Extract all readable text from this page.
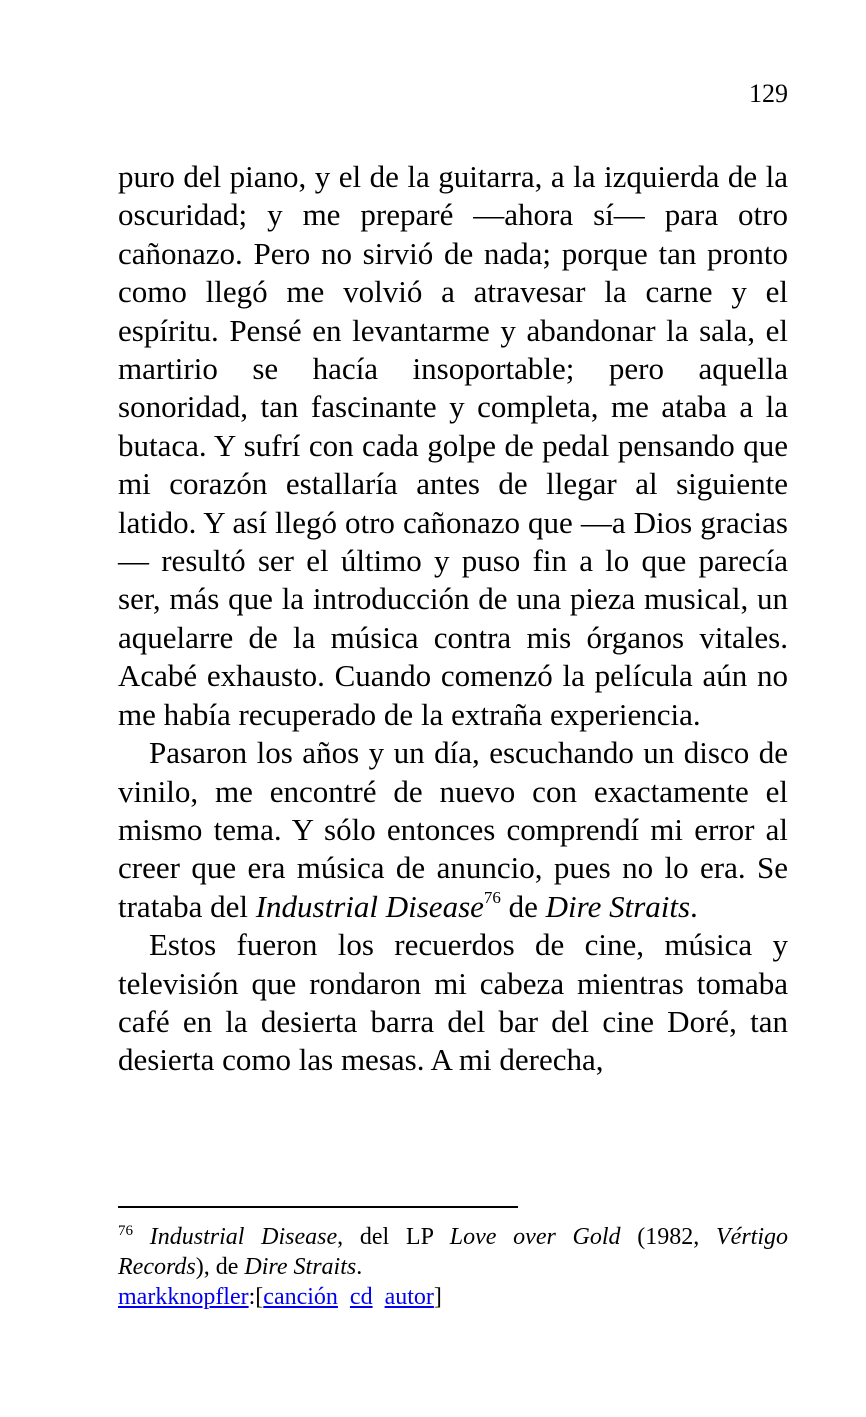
129

puro del piano, y el de la guitarra, a la izquierda de la oscuridad; y me preparé —ahora sí— para otro cañonazo. Pero no sirvió de nada; porque tan pronto como llegó me volvió a atravesar la carne y el espíritu. Pensé en levantarme y abandonar la sala, el martirio se hacía insoportable; pero aquella sonoridad, tan fascinante y completa, me ataba a la butaca. Y sufrí con cada golpe de pedal pensando que mi corazón estallaría antes de llegar al siguiente latido. Y así llegó otro cañonazo que —a Dios gracias— resultó ser el último y puso fin a lo que parecía ser, más que la introducción de una pieza musical, un aquelarre de la música contra mis órganos vitales. Acabé exhausto. Cuando comenzó la película aún no me había recuperado de la extraña experiencia.

Pasaron los años y un día, escuchando un disco de vinilo, me encontré de nuevo con exactamente el mismo tema. Y sólo entonces comprendí mi error al creer que era música de anuncio, pues no lo era. Se trataba del Industrial Disease$^{76}$ de Dire Straits.

Estos fueron los recuerdos de cine, música y televisión que rondaron mi cabeza mientras tomaba café en la desierta barra del bar del cine Doré, tan desierta como las mesas. A mi derecha,

$^{76}$ Industrial Disease, del LP Love over Gold (1982, Vértigo Records), de Dire Straits.

markknopfler:[canción cd autor]
